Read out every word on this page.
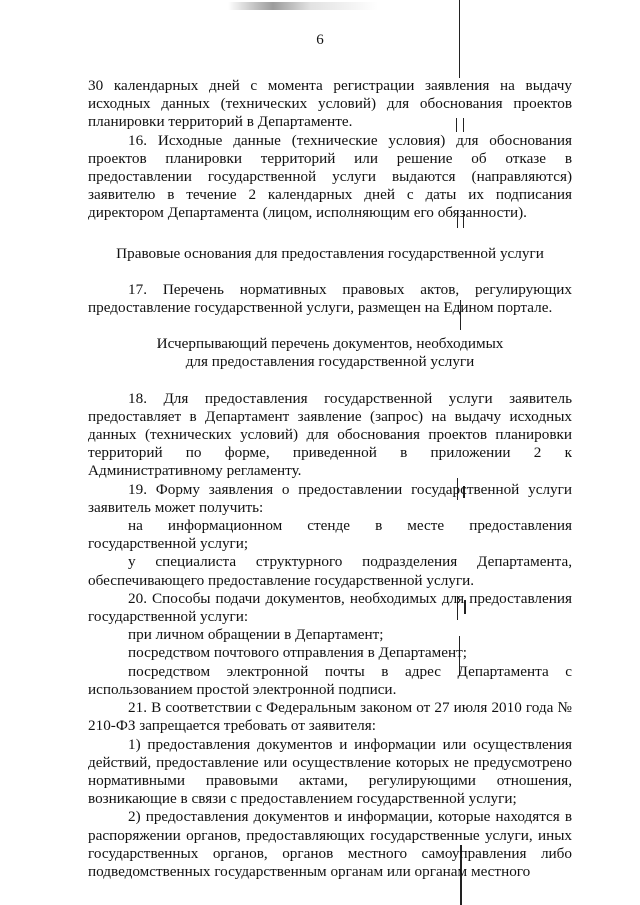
6

30 календарных дней с момента регистрации заявления на выдачу исходных данных (технических условий) для обоснования проектов планировки территорий в Департаменте.

16. Исходные данные (технические условия) для обоснования проектов планировки территорий или решение об отказе в предоставлении государственной услуги выдаются (направляются) заявителю в течение 2 календарных дней с даты их подписания директором Департамента (лицом, исполняющим его обязанности).

Правовые основания для предоставления государственной услуги

17. Перечень нормативных правовых актов, регулирующих предоставление государственной услуги, размещен на Едином портале.

Исчерпывающий перечень документов, необходимых

для предоставления государственной услуги

18. Для предоставления государственной услуги заявитель предоставляет в Департамент заявление (запрос) на выдачу исходных данных (технических условий) для обоснования проектов планировки территорий по форме, приведенной в приложении 2 к Административному регламенту.

19. Форму заявления о предоставлении государственной услуги заявитель может получить:

на информационном стенде в месте предоставления государственной услуги;

у специалиста структурного подразделения Департамента, обеспечивающего предоставление государственной услуги.

20. Способы подачи документов, необходимых для предоставления государственной услуги:

при личном обращении в Департамент;

посредством почтового отправления в Департамент;

посредством электронной почты в адрес Департамента с использованием простой электронной подписи.

21. В соответствии с Федеральным законом от 27 июля 2010 года № 210-ФЗ запрещается требовать от заявителя:

1) предоставления документов и информации или осуществления действий, предоставление или осуществление которых не предусмотрено нормативными правовыми актами, регулирующими отношения, возникающие в связи с предоставлением государственной услуги;

2) предоставления документов и информации, которые находятся в распоряжении органов, предоставляющих государственные услуги, иных государственных органов, органов местного самоуправления либо подведомственных государственным органам или органам местного
